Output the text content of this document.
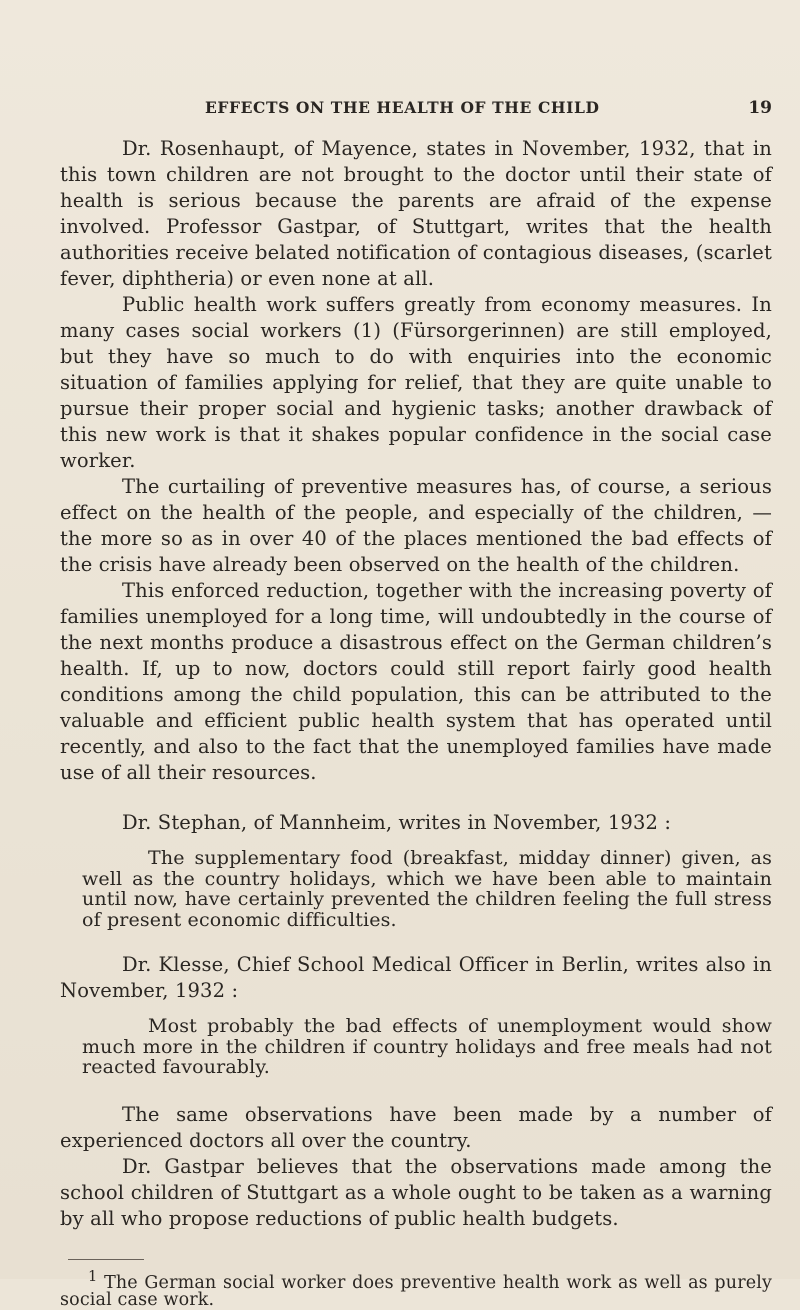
EFFECTS ON THE HEALTH OF THE CHILD	19

Dr. Rosenhaupt, of Mayence, states in November, 1932, that in this town children are not brought to the doctor until their state of health is serious because the parents are afraid of the expense involved. Professor Gastpar, of Stuttgart, writes that the health authorities receive belated notification of contagious diseases, (scarlet fever, diphtheria) or even none at all.

Public health work suffers greatly from economy measures. In many cases social workers (1) (Fürsorgerinnen) are still employed, but they have so much to do with enquiries into the economic situation of families applying for relief, that they are quite unable to pursue their proper social and hygienic tasks; another drawback of this new work is that it shakes popular confidence in the social case worker.

The curtailing of preventive measures has, of course, a serious effect on the health of the people, and especially of the children, — the more so as in over 40 of the places mentioned the bad effects of the crisis have already been observed on the health of the children.

This enforced reduction, together with the increasing poverty of families unemployed for a long time, will undoubtedly in the course of the next months produce a disastrous effect on the German children’s health. If, up to now, doctors could still report fairly good health conditions among the child population, this can be attributed to the valuable and efficient public health system that has operated until recently, and also to the fact that the unemployed families have made use of all their resources.

Dr. Stephan, of Mannheim, writes in November, 1932 :

The supplementary food (breakfast, midday dinner) given, as well as the country holidays, which we have been able to maintain until now, have certainly prevented the children feeling the full stress of present economic difficulties.

Dr. Klesse, Chief School Medical Officer in Berlin, writes also in November, 1932 :

Most probably the bad effects of unemployment would show much more in the children if country holidays and free meals had not reacted favourably.

The same observations have been made by a number of experienced doctors all over the country.

Dr. Gastpar believes that the observations made among the school children of Stuttgart as a whole ought to be taken as a warning by all who propose reductions of public health budgets.

$^1$ The German social worker does preventive health work as well as purely social case work.
